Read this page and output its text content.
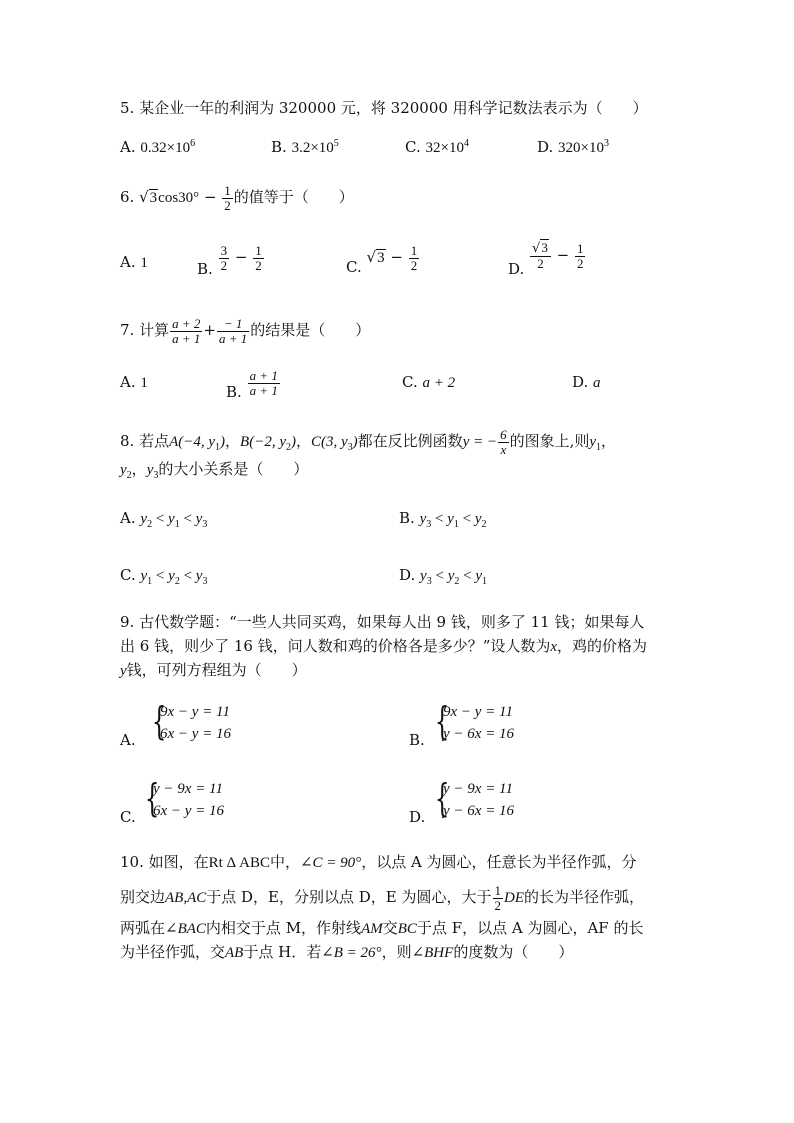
5. 某企业一年的利润为 320000 元，将 320000 用科学记数法表示为（　　）
A. $0.32\times 10^6$	B. $3.2\times 10^5$	C. $32\times 10^4$	D. $320\times 10^3$
6. $√3\cos 30^\circ - \frac{1}{2}$ 的值等于（　　）
A. 1	B. $\frac{3}{2} - \frac{1}{2}$	C. $√3 - \frac{1}{2}$	D. $\frac{√3}{2} - \frac{1}{2}$
7. 计算 $\frac{a + 2}{a + 1} + \frac{- 1}{a + 1}$ 的结果是（　　）
A. 1	B. $\frac{a + 1}{a + 1}$	C. a + 2	D. a
8. 若点A(−4, $y_1$)，B(−2, $y_2$)，C(3, $y_3$)都在反比例函数y = − $\frac{6}{x}$ 的图象上,则$y_1$，
$y_2$，$y_3$的大小关系是（　　）
A. $y_2 < y_1 < y_3$	B. $y_3 < y_1 < y_2$
C. $y_1 < y_2 < y_3$	D. $y_3 < y_2 < y_1$
9. 古代数学题：“一些人共同买鸡，如果每人出 9 钱，则多了 11 钱；如果每人
出 6 钱，则少了 16 钱，问人数和鸡的价格各是多少？”设人数为x，鸡的价格为
y钱，可列方程组为（　　）
A. {
9x − y = 11
6x − y = 16	B. {
9x − y = 11
y − 6x = 16
C. {
y − 9x = 11
6x − y = 16	D. {
y − 9x = 11
y − 6x = 16
10. 如图，在Rt Δ ABC中，∠C = 90°，以点 A 为圆心，任意长为半径作弧，分
别交边AB,AC于点 D，E，分别以点 D，E 为圆心，大于 $\frac{1}{2}$ DE的长为半径作弧，
两弧在∠BAC内相交于点 M，作射线AM交BC于点 F，以点 A 为圆心，AF 的长
为半径作弧，交AB于点 H．若∠B = 26°，则∠BHF的度数为（　　）
